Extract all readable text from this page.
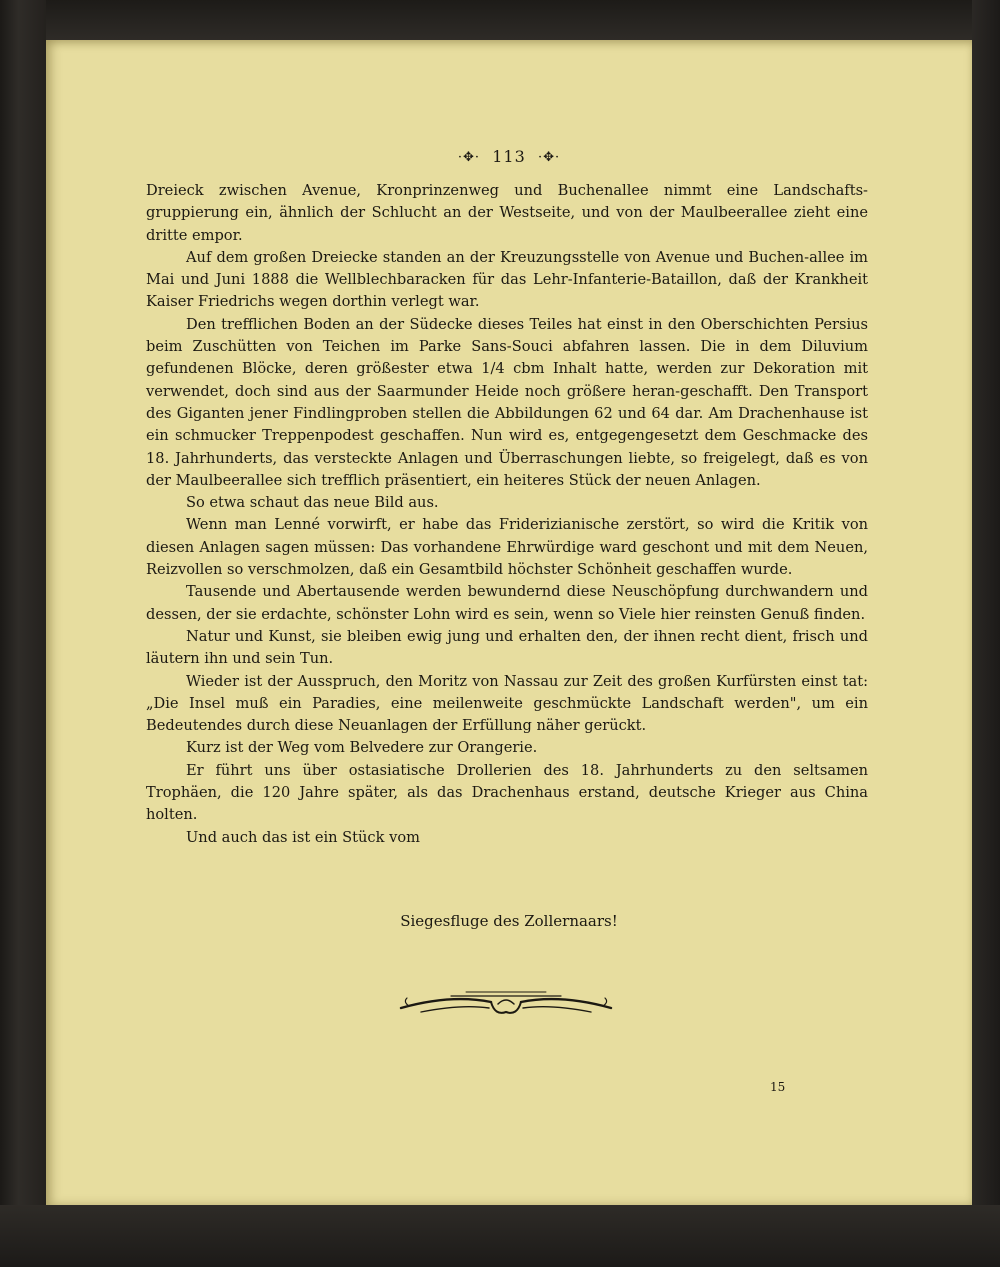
·✥· 113 ·✥·

Dreieck zwischen Avenue, Kronprinzenweg und Buchenallee nimmt eine Landschafts-gruppierung ein, ähnlich der Schlucht an der Westseite, und von der Maulbeerallee zieht eine dritte empor.

Auf dem großen Dreiecke standen an der Kreuzungsstelle von Avenue und Buchen-allee im Mai und Juni 1888 die Wellblechbaracken für das Lehr-Infanterie-Bataillon, daß der Krankheit Kaiser Friedrichs wegen dorthin verlegt war.

Den trefflichen Boden an der Südecke dieses Teiles hat einst in den Oberschichten Persius beim Zuschütten von Teichen im Parke Sans-Souci abfahren lassen. Die in dem Diluvium gefundenen Blöcke, deren größester etwa 1/4 cbm Inhalt hatte, werden zur Dekoration mit verwendet, doch sind aus der Saarmunder Heide noch größere heran-geschafft. Den Transport des Giganten jener Findlingproben stellen die Abbildungen 62 und 64 dar. Am Drachenhause ist ein schmucker Treppenpodest geschaffen. Nun wird es, entgegengesetzt dem Geschmacke des 18. Jahrhunderts, das versteckte Anlagen und Überraschungen liebte, so freigelegt, daß es von der Maulbeerallee sich trefflich präsentiert, ein heiteres Stück der neuen Anlagen.

So etwa schaut das neue Bild aus.

Wenn man Lenné vorwirft, er habe das Friderizianische zerstört, so wird die Kritik von diesen Anlagen sagen müssen: Das vorhandene Ehrwürdige ward geschont und mit dem Neuen, Reizvollen so verschmolzen, daß ein Gesamtbild höchster Schönheit geschaffen wurde.

Tausende und Abertausende werden bewundernd diese Neuschöpfung durchwandern und dessen, der sie erdachte, schönster Lohn wird es sein, wenn so Viele hier reinsten Genuß finden.

Natur und Kunst, sie bleiben ewig jung und erhalten den, der ihnen recht dient, frisch und läutern ihn und sein Tun.

Wieder ist der Ausspruch, den Moritz von Nassau zur Zeit des großen Kurfürsten einst tat: „Die Insel muß ein Paradies, eine meilenweite geschmückte Landschaft werden", um ein Bedeutendes durch diese Neuanlagen der Erfüllung näher gerückt.

Kurz ist der Weg vom Belvedere zur Orangerie.

Er führt uns über ostasiatische Drollerien des 18. Jahrhunderts zu den seltsamen Trophäen, die 120 Jahre später, als das Drachenhaus erstand, deutsche Krieger aus China holten.

Und auch das ist ein Stück vom

Siegesfluge des Zollernaars!
15
